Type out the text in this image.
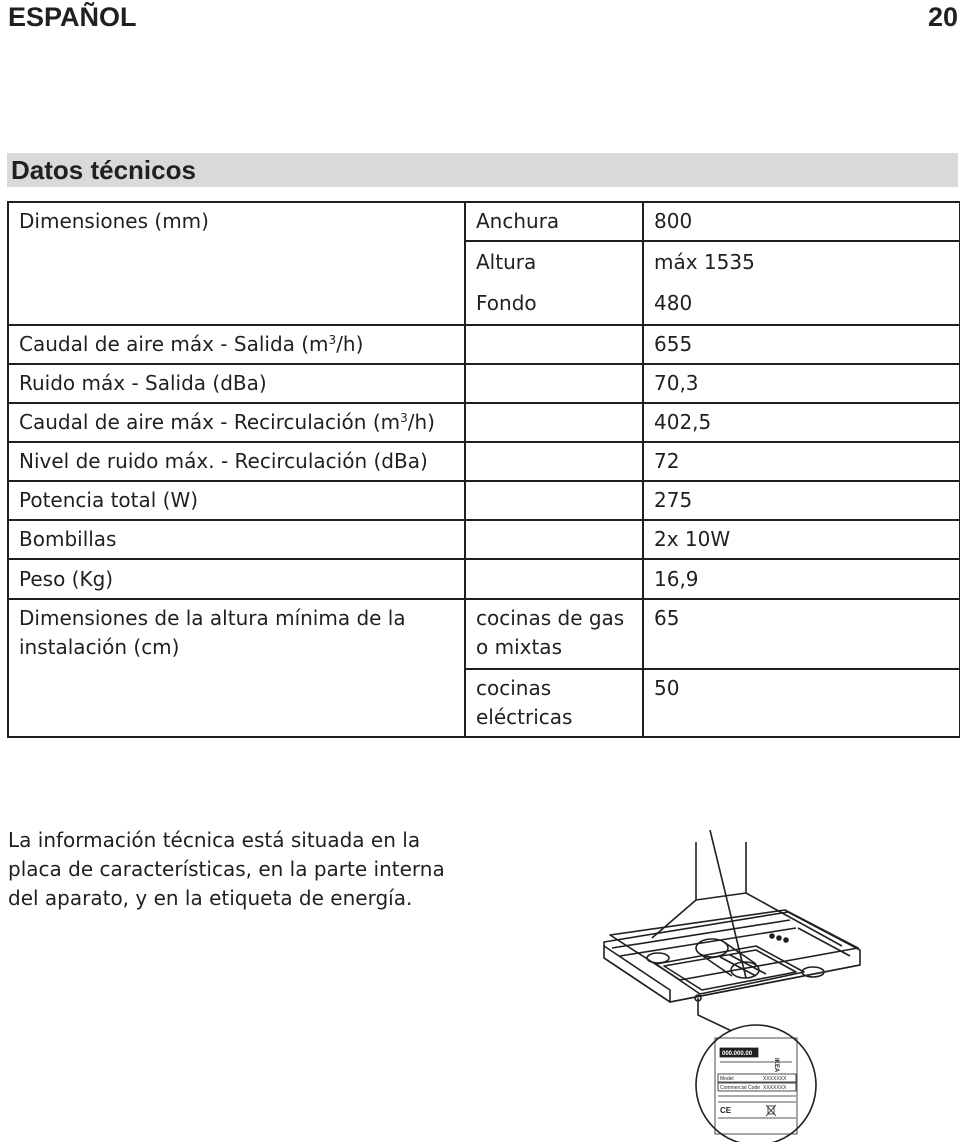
ESPAÑOL	20
Datos técnicos
Dimensiones (mm)	Anchura	800
	Altura	máx 1535
	Fondo	480
Caudal de aire máx - Salida $(m^3/h)$		655
Ruido máx - Salida (dBa)		70,3
Caudal de aire máx - Recirculación $(m^3/h)$		402,5
Nivel de ruido máx. - Recirculación (dBa)		72
Potencia total (W)		275
Bombillas		2x 10W
Peso (Kg)		16,9
Dimensiones de la altura mínima de la instalación (cm)	cocinas de gas o mixtas	65
	cocinas eléctricas	50
La información técnica está situada en la placa de características, en la parte interna del aparato, y en la etiqueta de energía.
000.000.00
IKEA
Model	XXXXXXX
Commercial Code XXXXXXX
CE
